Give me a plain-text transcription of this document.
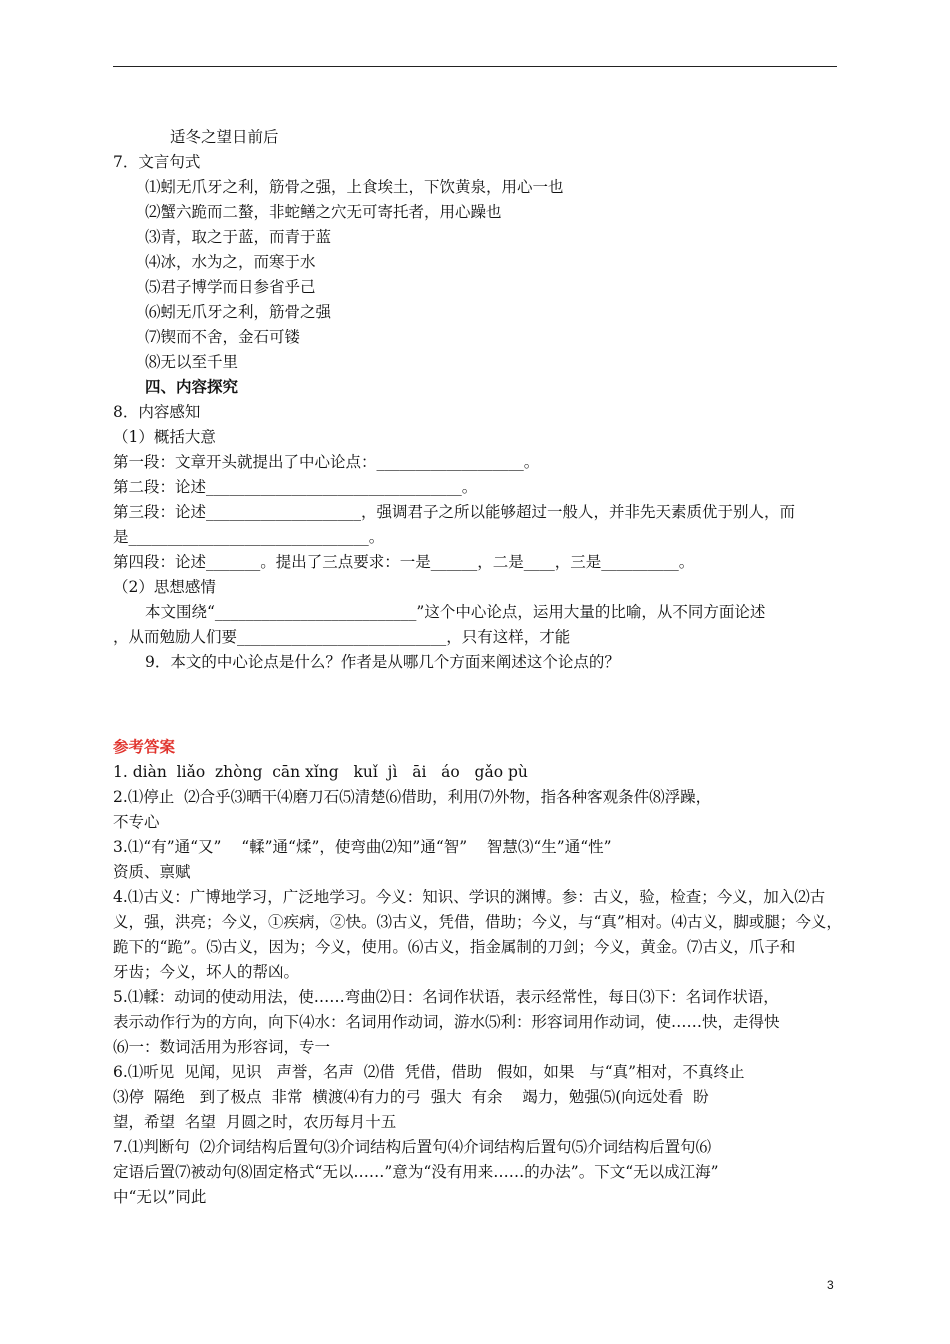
适冬之望日前后
7．文言句式
⑴蚓无爪牙之利，筋骨之强，上食埃土，下饮黄泉，用心一也
⑵蟹六跪而二螯，非蛇鳝之穴无可寄托者，用心躁也
⑶青，取之于蓝，而青于蓝
⑷冰，水为之，而寒于水
⑸君子博学而日参省乎己
⑹蚓无爪牙之利，筋骨之强
⑺锲而不舍，金石可镂
⑻无以至千里
四、内容探究
8．内容感知
（1）概括大意
第一段：文章开头就提出了中心论点：___________________。
第二段：论述_________________________________。
第三段：论述____________________，强调君子之所以能够超过一般人，并非先天素质优于别人，而
是_______________________________。
第四段：论述_______。提出了三点要求：一是______，二是____，三是__________。
（2）思想感情
本文围绕“__________________________”这个中心论点，运用大量的比喻，从不同方面论述
，从而勉励人们要___________________________，只有这样，才能
9．本文的中心论点是什么？作者是从哪几个方面来阐述这个论点的？
参考答案
1. diàn  liǎo  zhòng  cān xǐng   kuǐ  jì   āi   áo   gǎo pù
2.⑴停止  ⑵合乎⑶晒干⑷磨刀石⑸清楚⑹借助，利用⑺外物，指各种客观条件⑻浮躁，
不专心
3.⑴“有”通“又”    “輮”通“煣”，使弯曲⑵知”通“智”    智慧⑶“生”通“性”
资质、禀赋
4.⑴古义：广博地学习，广泛地学习。今义：知识、学识的渊博。参：古义，验，检查；今义，加入⑵古
义，强，洪亮；今义，①疾病，②快。⑶古义，凭借，借助；今义，与“真”相对。⑷古义，脚或腿；今义，
跪下的“跪”。⑸古义，因为；今义，使用。⑹古义，指金属制的刀剑；今义，黄金。⑺古义，爪子和
牙齿；今义，坏人的帮凶。
5.⑴輮：动词的使动用法，使……弯曲⑵日：名词作状语，表示经常性，每日⑶下：名词作状语，
表示动作行为的方向，向下⑷水：名词用作动词，游水⑸利：形容词用作动词，使……快，走得快
⑹一：数词活用为形容词，专一
6.⑴听见  见闻，见识   声誉，名声  ⑵借  凭借，借助   假如，如果   与“真”相对，不真终止
⑶停  隔绝   到了极点  非常  横渡⑷有力的弓  强大  有余    竭力，勉强⑸(向远处看  盼
望，希望  名望  月圆之时，农历每月十五
7.⑴判断句  ⑵介词结构后置句⑶介词结构后置句⑷介词结构后置句⑸介词结构后置句⑹
定语后置⑺被动句⑻固定格式“无以……”意为“没有用来……的办法”。下文“无以成江海”
中“无以”同此
3
